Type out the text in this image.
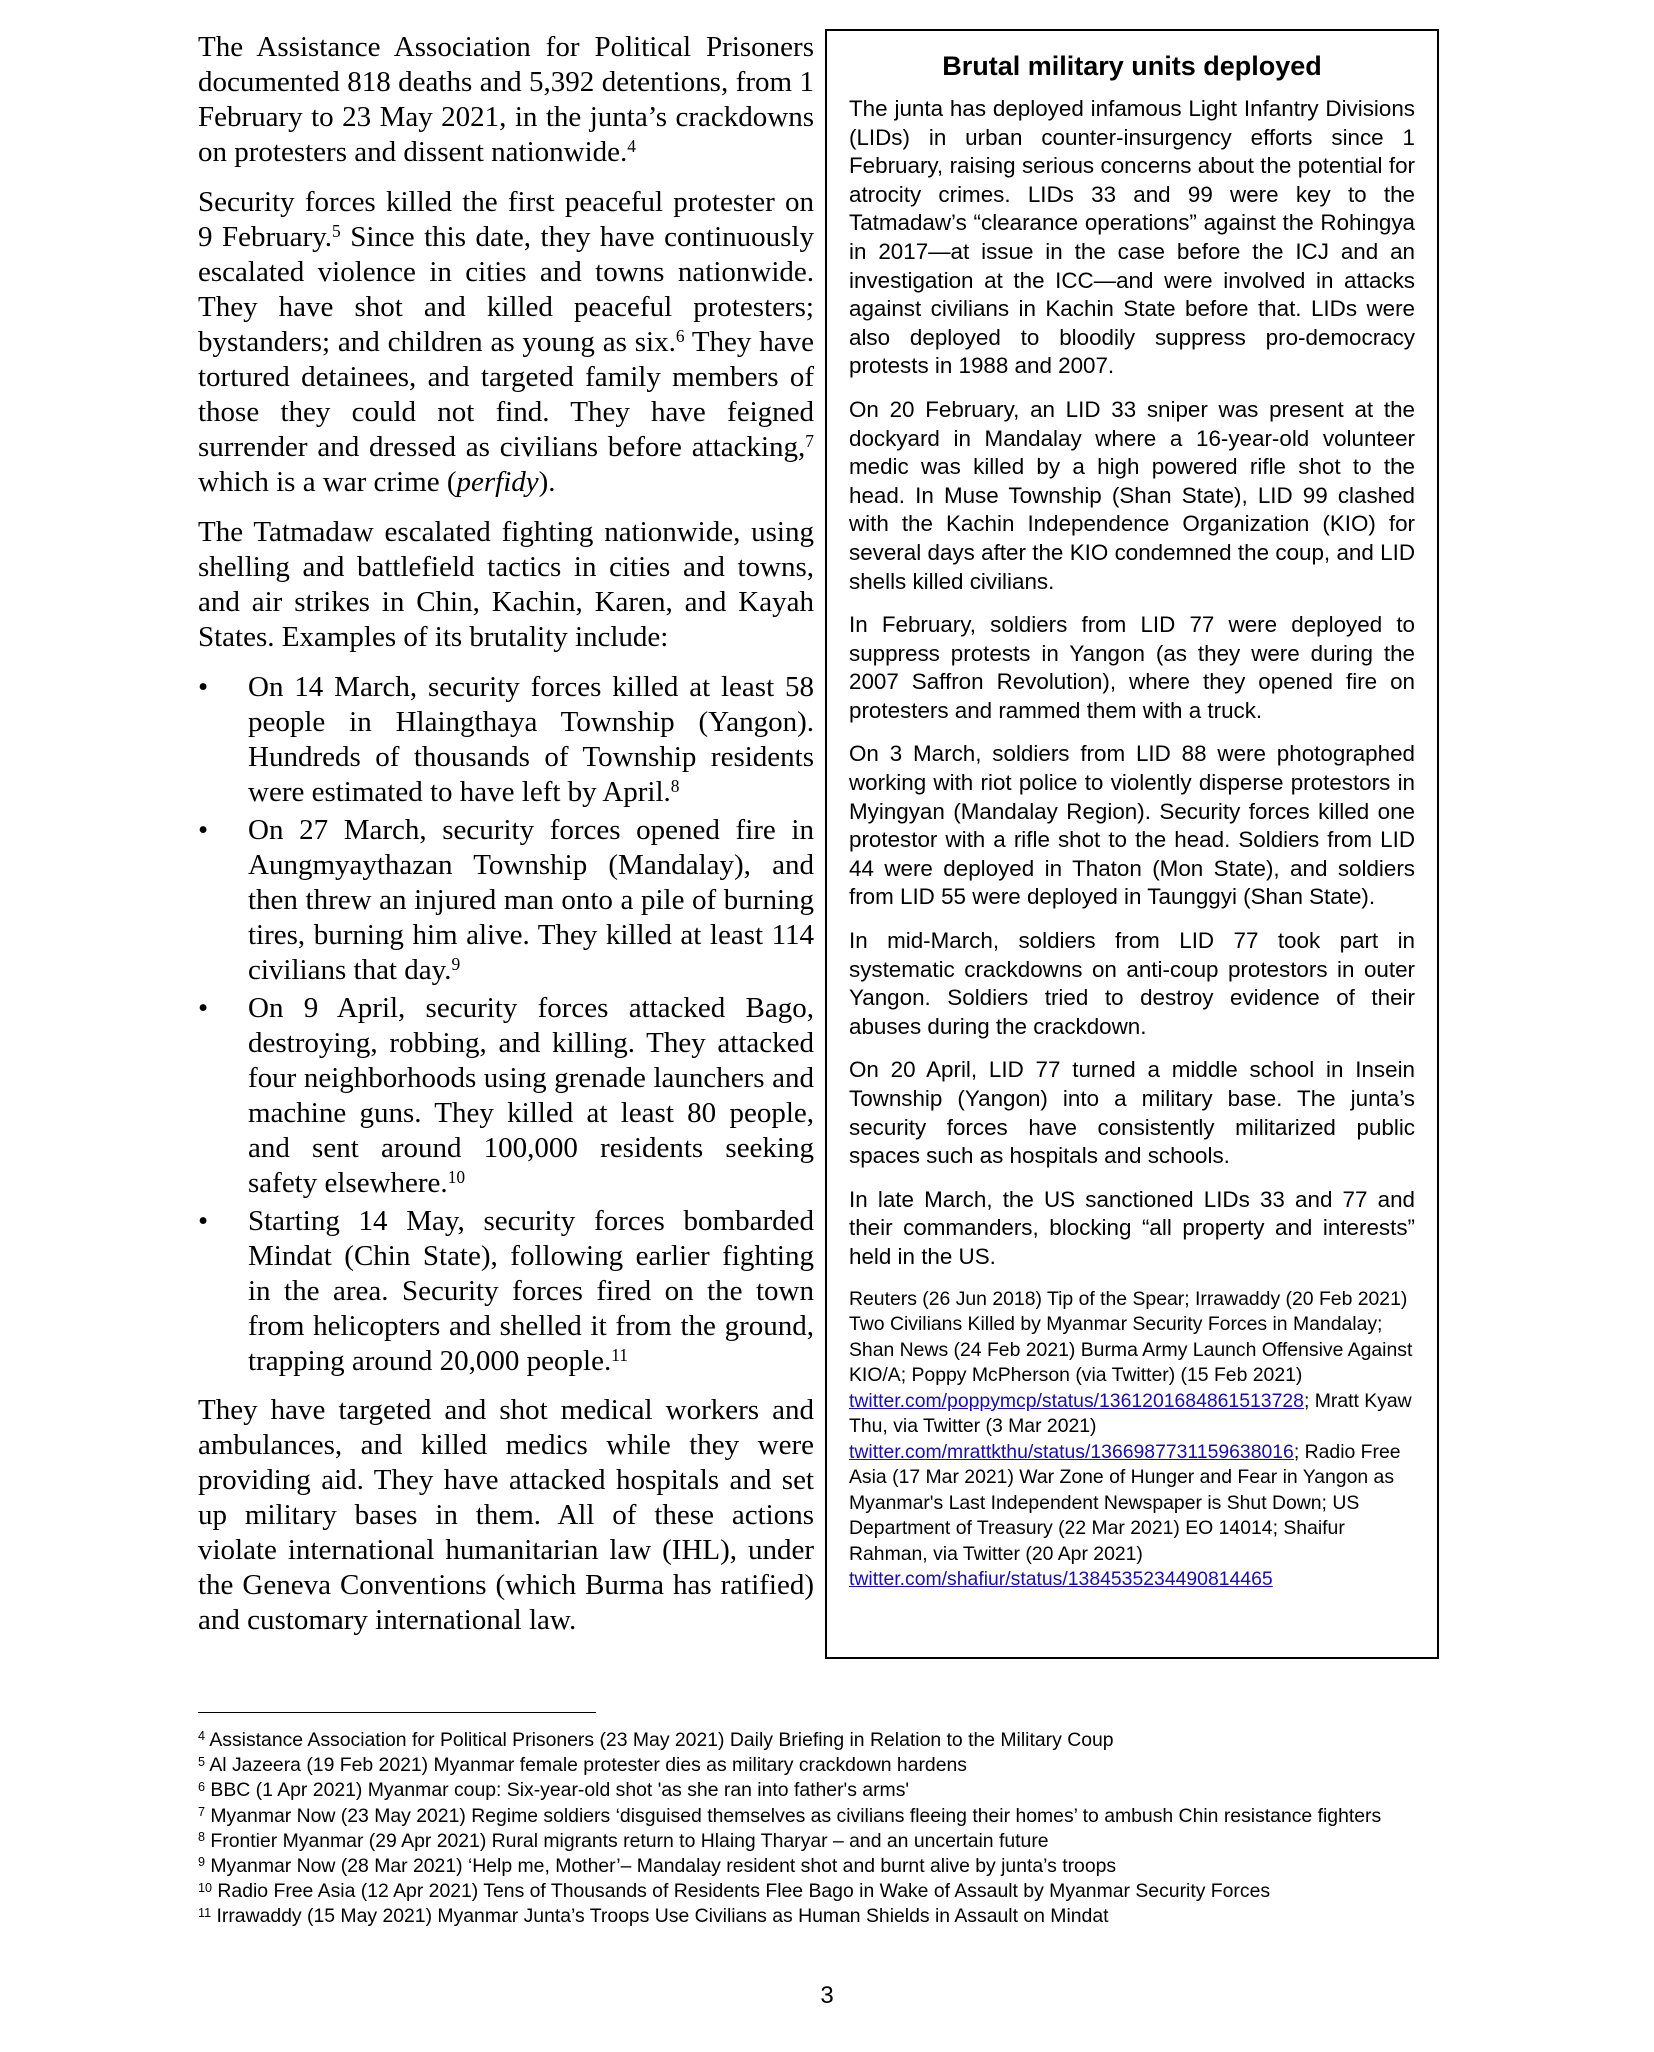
The Assistance Association for Political Prisoners documented 818 deaths and 5,392 detentions, from 1 February to 23 May 2021, in the junta’s crackdowns on protesters and dissent nationwide.$^4$

Security forces killed the first peaceful protester on 9 February.$^5$ Since this date, they have continuously escalated violence in cities and towns nationwide. They have shot and killed peaceful protesters; bystanders; and children as young as six.$^6$ They have tortured detainees, and targeted family members of those they could not find. They have feigned surrender and dressed as civilians before attacking,$^7$ which is a war crime (perfidy).

The Tatmadaw escalated fighting nationwide, using shelling and battlefield tactics in cities and towns, and air strikes in Chin, Kachin, Karen, and Kayah States. Examples of its brutality include:

• On 14 March, security forces killed at least 58 people in Hlaingthaya Township (Yangon). Hundreds of thousands of Township residents were estimated to have left by April.$^8$
• On 27 March, security forces opened fire in Aungmyaythazan Township (Mandalay), and then threw an injured man onto a pile of burning tires, burning him alive. They killed at least 114 civilians that day.$^9$
• On 9 April, security forces attacked Bago, destroying, robbing, and killing. They attacked four neighborhoods using grenade launchers and machine guns. They killed at least 80 people, and sent around 100,000 residents seeking safety elsewhere.$^{10}$
• Starting 14 May, security forces bombarded Mindat (Chin State), following earlier fighting in the area. Security forces fired on the town from helicopters and shelled it from the ground, trapping around 20,000 people.$^{11}$

They have targeted and shot medical workers and ambulances, and killed medics while they were providing aid. They have attacked hospitals and set up military bases in them. All of these actions violate international humanitarian law (IHL), under the Geneva Conventions (which Burma has ratified) and customary international law.

Brutal military units deployed

The junta has deployed infamous Light Infantry Divisions (LIDs) in urban counter-insurgency efforts since 1 February, raising serious concerns about the potential for atrocity crimes. LIDs 33 and 99 were key to the Tatmadaw’s “clearance operations” against the Rohingya in 2017—at issue in the case before the ICJ and an investigation at the ICC—and were involved in attacks against civilians in Kachin State before that. LIDs were also deployed to bloodily suppress pro-democracy protests in 1988 and 2007.

On 20 February, an LID 33 sniper was present at the dockyard in Mandalay where a 16-year-old volunteer medic was killed by a high powered rifle shot to the head. In Muse Township (Shan State), LID 99 clashed with the Kachin Independence Organization (KIO) for several days after the KIO condemned the coup, and LID shells killed civilians.

In February, soldiers from LID 77 were deployed to suppress protests in Yangon (as they were during the 2007 Saffron Revolution), where they opened fire on protesters and rammed them with a truck.

On 3 March, soldiers from LID 88 were photographed working with riot police to violently disperse protestors in Myingyan (Mandalay Region). Security forces killed one protestor with a rifle shot to the head. Soldiers from LID 44 were deployed in Thaton (Mon State), and soldiers from LID 55 were deployed in Taunggyi (Shan State).

In mid-March, soldiers from LID 77 took part in systematic crackdowns on anti-coup protestors in outer Yangon. Soldiers tried to destroy evidence of their abuses during the crackdown.

On 20 April, LID 77 turned a middle school in Insein Township (Yangon) into a military base. The junta’s security forces have consistently militarized public spaces such as hospitals and schools.

In late March, the US sanctioned LIDs 33 and 77 and their commanders, blocking “all property and interests” held in the US.

Reuters (26 Jun 2018) Tip of the Spear; Irrawaddy (20 Feb 2021) Two Civilians Killed by Myanmar Security Forces in Mandalay; Shan News (24 Feb 2021) Burma Army Launch Offensive Against KIO/A; Poppy McPherson (via Twitter) (15 Feb 2021) twitter.com/poppymcp/status/1361201684861513728; Mratt Kyaw Thu, via Twitter (3 Mar 2021) twitter.com/mrattkthu/status/1366987731159638016; Radio Free Asia (17 Mar 2021) War Zone of Hunger and Fear in Yangon as Myanmar's Last Independent Newspaper is Shut Down; US Department of Treasury (22 Mar 2021) EO 14014; Shaifur Rahman, via Twitter (20 Apr 2021) twitter.com/shafiur/status/1384535234490814465

$^4$ Assistance Association for Political Prisoners (23 May 2021) Daily Briefing in Relation to the Military Coup
$^5$ Al Jazeera (19 Feb 2021) Myanmar female protester dies as military crackdown hardens
$^6$ BBC (1 Apr 2021) Myanmar coup: Six-year-old shot 'as she ran into father's arms'
$^7$ Myanmar Now (23 May 2021) Regime soldiers ‘disguised themselves as civilians fleeing their homes’ to ambush Chin resistance fighters
$^8$ Frontier Myanmar (29 Apr 2021) Rural migrants return to Hlaing Tharyar – and an uncertain future
$^9$ Myanmar Now (28 Mar 2021) ‘Help me, Mother’– Mandalay resident shot and burnt alive by junta’s troops
$^{10}$ Radio Free Asia (12 Apr 2021) Tens of Thousands of Residents Flee Bago in Wake of Assault by Myanmar Security Forces
$^{11}$ Irrawaddy (15 May 2021) Myanmar Junta’s Troops Use Civilians as Human Shields in Assault on Mindat
3
